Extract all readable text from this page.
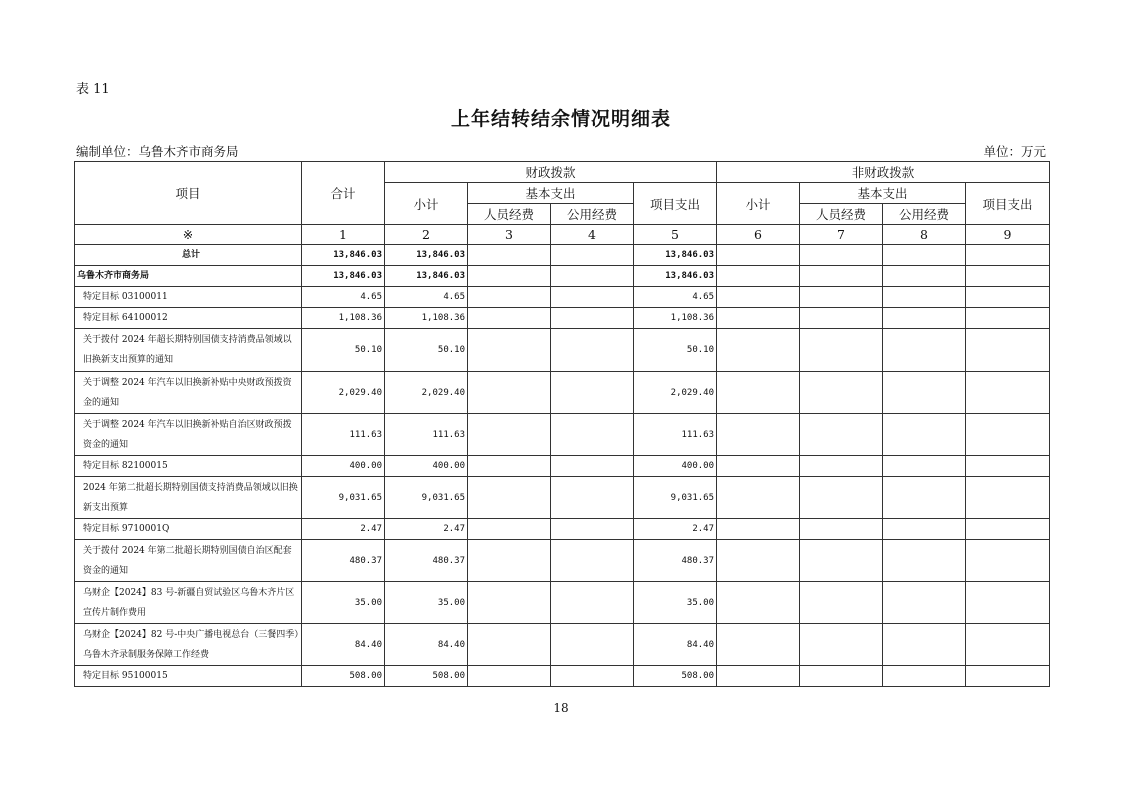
表 11
上年结转结余情况明细表
编制单位：乌鲁木齐市商务局	单位：万元
项目	合计	财政拨款				非财政拨款			
		小计	基本支出		项目支出	小计	基本支出		项目支出
			人员经费	公用经费			人员经费	公用经费	
※	1	2	3	4	5	6	7	8	9
总计	13,846.03	13,846.03			13,846.03				
乌鲁木齐市商务局	13,846.03	13,846.03			13,846.03				
特定目标 03100011	4.65	4.65			4.65				
特定目标 64100012	1,108.36	1,108.36			1,108.36				
关于拨付 2024 年超长期特别国债支持消费品领域以旧换新支出预算的通知	50.10	50.10			50.10				
关于调整 2024 年汽车以旧换新补贴中央财政预拨资金的通知	2,029.40	2,029.40			2,029.40				
关于调整 2024 年汽车以旧换新补贴自治区财政预拨资金的通知	111.63	111.63			111.63				
特定目标 82100015	400.00	400.00			400.00				
2024 年第二批超长期特别国债支持消费品领域以旧换新支出预算	9,031.65	9,031.65			9,031.65				
特定目标 9710001Q	2.47	2.47			2.47				
关于拨付 2024 年第二批超长期特别国债自治区配套资金的通知	480.37	480.37			480.37				
乌财企【2024】83 号-新疆自贸试验区乌鲁木齐片区宣传片制作费用	35.00	35.00			35.00				
乌财企【2024】82 号-中央广播电视总台（三餐四季）乌鲁木齐录制服务保障工作经费	84.40	84.40			84.40				
特定目标 95100015	508.00	508.00			508.00				
18
